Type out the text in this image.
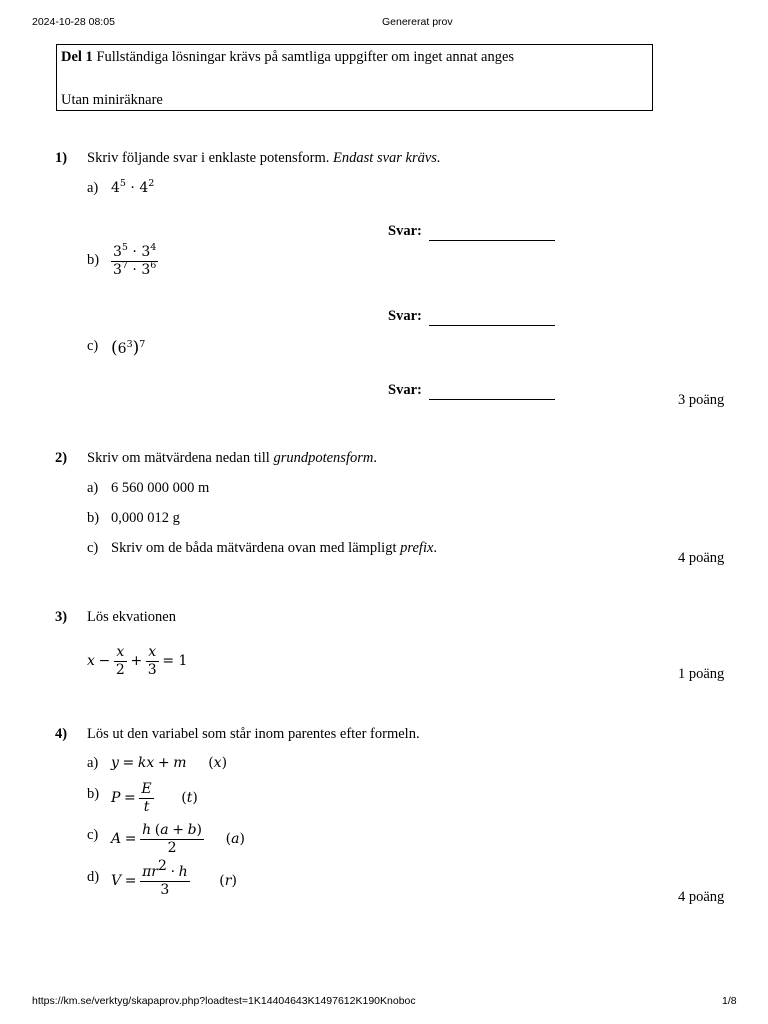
2024-10-28 08:05	Genererat prov
Del 1 Fullständiga lösningar krävs på samtliga uppgifter om inget annat anges
Utan miniräknare
1) Skriv följande svar i enklaste potensform. Endast svar krävs.
a) $4^5 \cdot 4^2$
Svar:
$b) \frac{3^5 \cdot 3^4}{3^7 \cdot 3^6}$
Svar:
c) $(6^3)^7$
Svar:
3 poäng
2) Skriv om mätvärdena nedan till grundpotensform.
a) 6 560 000 000 m
b) 0,000 012 g
c) Skriv om de båda mätvärdena ovan med lämpligt prefix.
4 poäng
3) Lös ekvationen
$x - \frac{x}{2} + \frac{x}{3} = 1$
1 poäng
4) Lös ut den variabel som står inom parentes efter formeln.
a) y = kx + m (x)
b) $P = \frac{E}{t} (t)$
c) $A = \frac{h (a + b)}{2} (a)$
d) $V = \frac{\pi r^2 \cdot h}{3} (r)$
4 poäng
https://km.se/verktyg/skapaprov.php?loadtest=1K14404643K1497612K190Knoboc	1/8
